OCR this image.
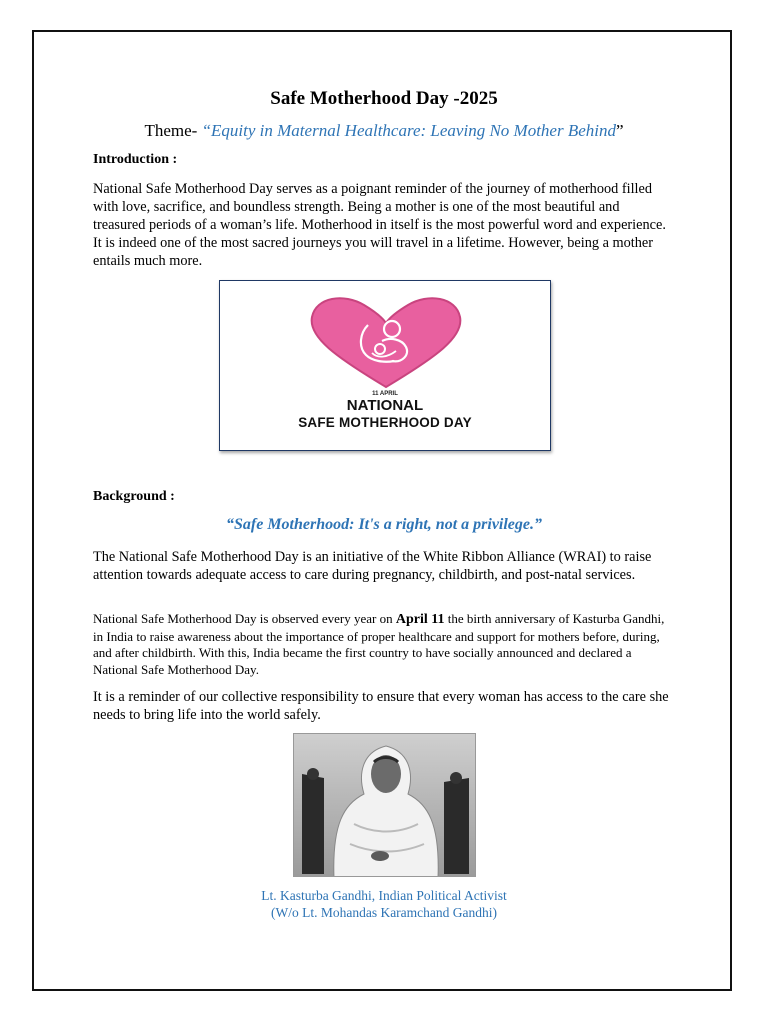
Safe Motherhood Day -2025
Theme- “Equity in Maternal Healthcare: Leaving No Mother Behind”
Introduction :

National Safe Motherhood Day serves as a poignant reminder of the journey of motherhood filled with love, sacrifice, and boundless strength. Being a mother is one of the most beautiful and treasured periods of a woman’s life. Motherhood in itself is the most powerful word and experience. It is indeed one of the most sacred journeys you will travel in a lifetime. However, being a mother entails much more.

11 APRIL
NATIONAL
SAFE MOTHERHOOD DAY
Background :
“Safe Motherhood: It's a right, not a privilege.”

The National Safe Motherhood Day is an initiative of the White Ribbon Alliance (WRAI) to raise attention towards adequate access to care during pregnancy, childbirth, and post-natal services.

National Safe Motherhood Day is observed every year on April 11 the birth anniversary of Kasturba Gandhi, in India to raise awareness about the importance of proper healthcare and support for mothers before, during, and after childbirth. With this, India became the first country to have socially announced and declared a National Safe Motherhood Day.

It is a reminder of our collective responsibility to ensure that every woman has access to the care she needs to bring life into the world safely.

Lt. Kasturba Gandhi, Indian Political Activist
(W/o Lt. Mohandas Karamchand Gandhi)
